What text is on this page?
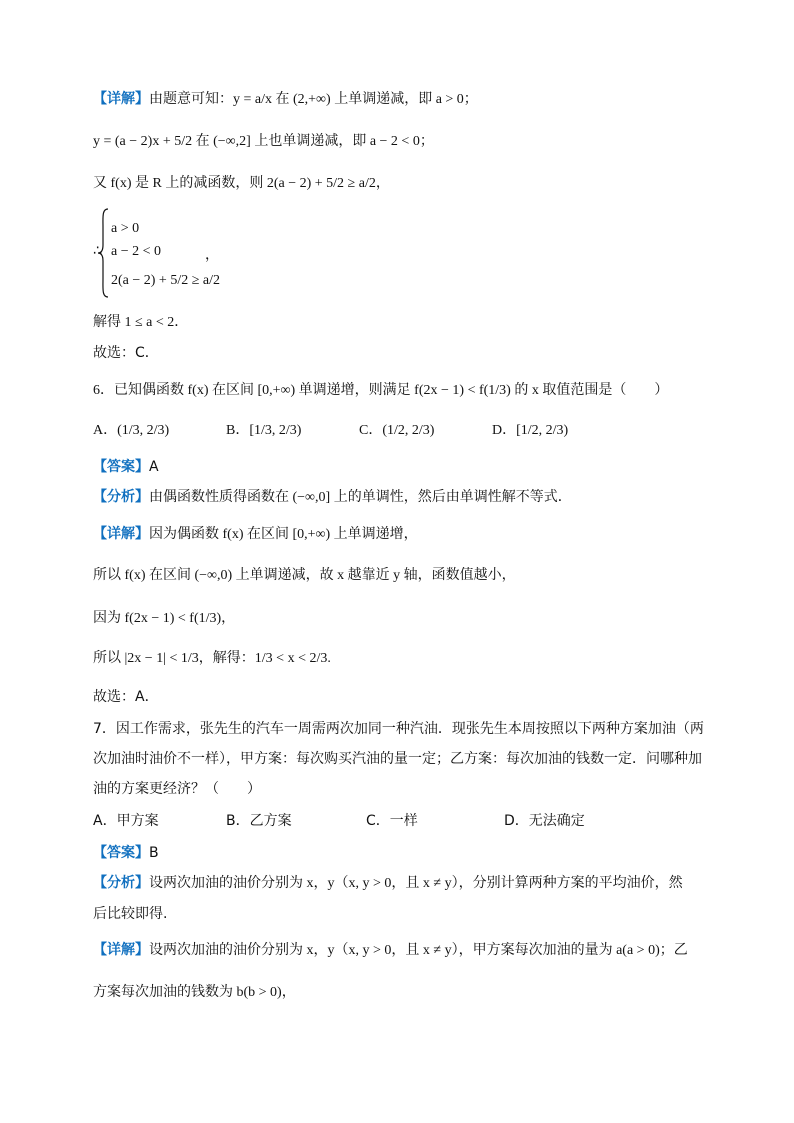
【详解】由题意可知：y = a/x 在 (2,+∞) 上单调递减，即 a > 0；
y = (a − 2)x + 5/2 在 (−∞,2] 上也单调递减，即 a − 2 < 0；
又 f(x) 是 R 上的减函数，则 2(a − 2) + 5/2 ≥ a/2，
∴
a > 0
a − 2 < 0
2(a − 2) + 5/2 ≥ a/2
，
解得 1 ≤ a < 2．
故选：C．
6．已知偶函数 f(x) 在区间 [0,+∞) 单调递增，则满足 f(2x − 1) < f(1/3) 的 x 取值范围是（　　）
A．(1/3, 2/3)	B．[1/3, 2/3)	C．(1/2, 2/3)	D．[1/2, 2/3)
【答案】A
【分析】由偶函数性质得函数在 (−∞,0] 上的单调性，然后由单调性解不等式．
【详解】因为偶函数 f(x) 在区间 [0,+∞) 上单调递增，
所以 f(x) 在区间 (−∞,0) 上单调递减，故 x 越靠近 y 轴，函数值越小，
因为 f(2x − 1) < f(1/3)，
所以 |2x − 1| < 1/3，解得：1/3 < x < 2/3.
故选：A．
7．因工作需求，张先生的汽车一周需两次加同一种汽油．现张先生本周按照以下两种方案加油（两
次加油时油价不一样），甲方案：每次购买汽油的量一定；乙方案：每次加油的钱数一定．问哪种加
油的方案更经济？（　　）
A．甲方案	B．乙方案	C．一样	D．无法确定
【答案】B
【分析】设两次加油的油价分别为 x，y（x, y > 0，且 x ≠ y），分别计算两种方案的平均油价，然
后比较即得.
【详解】设两次加油的油价分别为 x，y（x, y > 0，且 x ≠ y），甲方案每次加油的量为 a(a > 0)；乙
方案每次加油的钱数为 b(b > 0)，
